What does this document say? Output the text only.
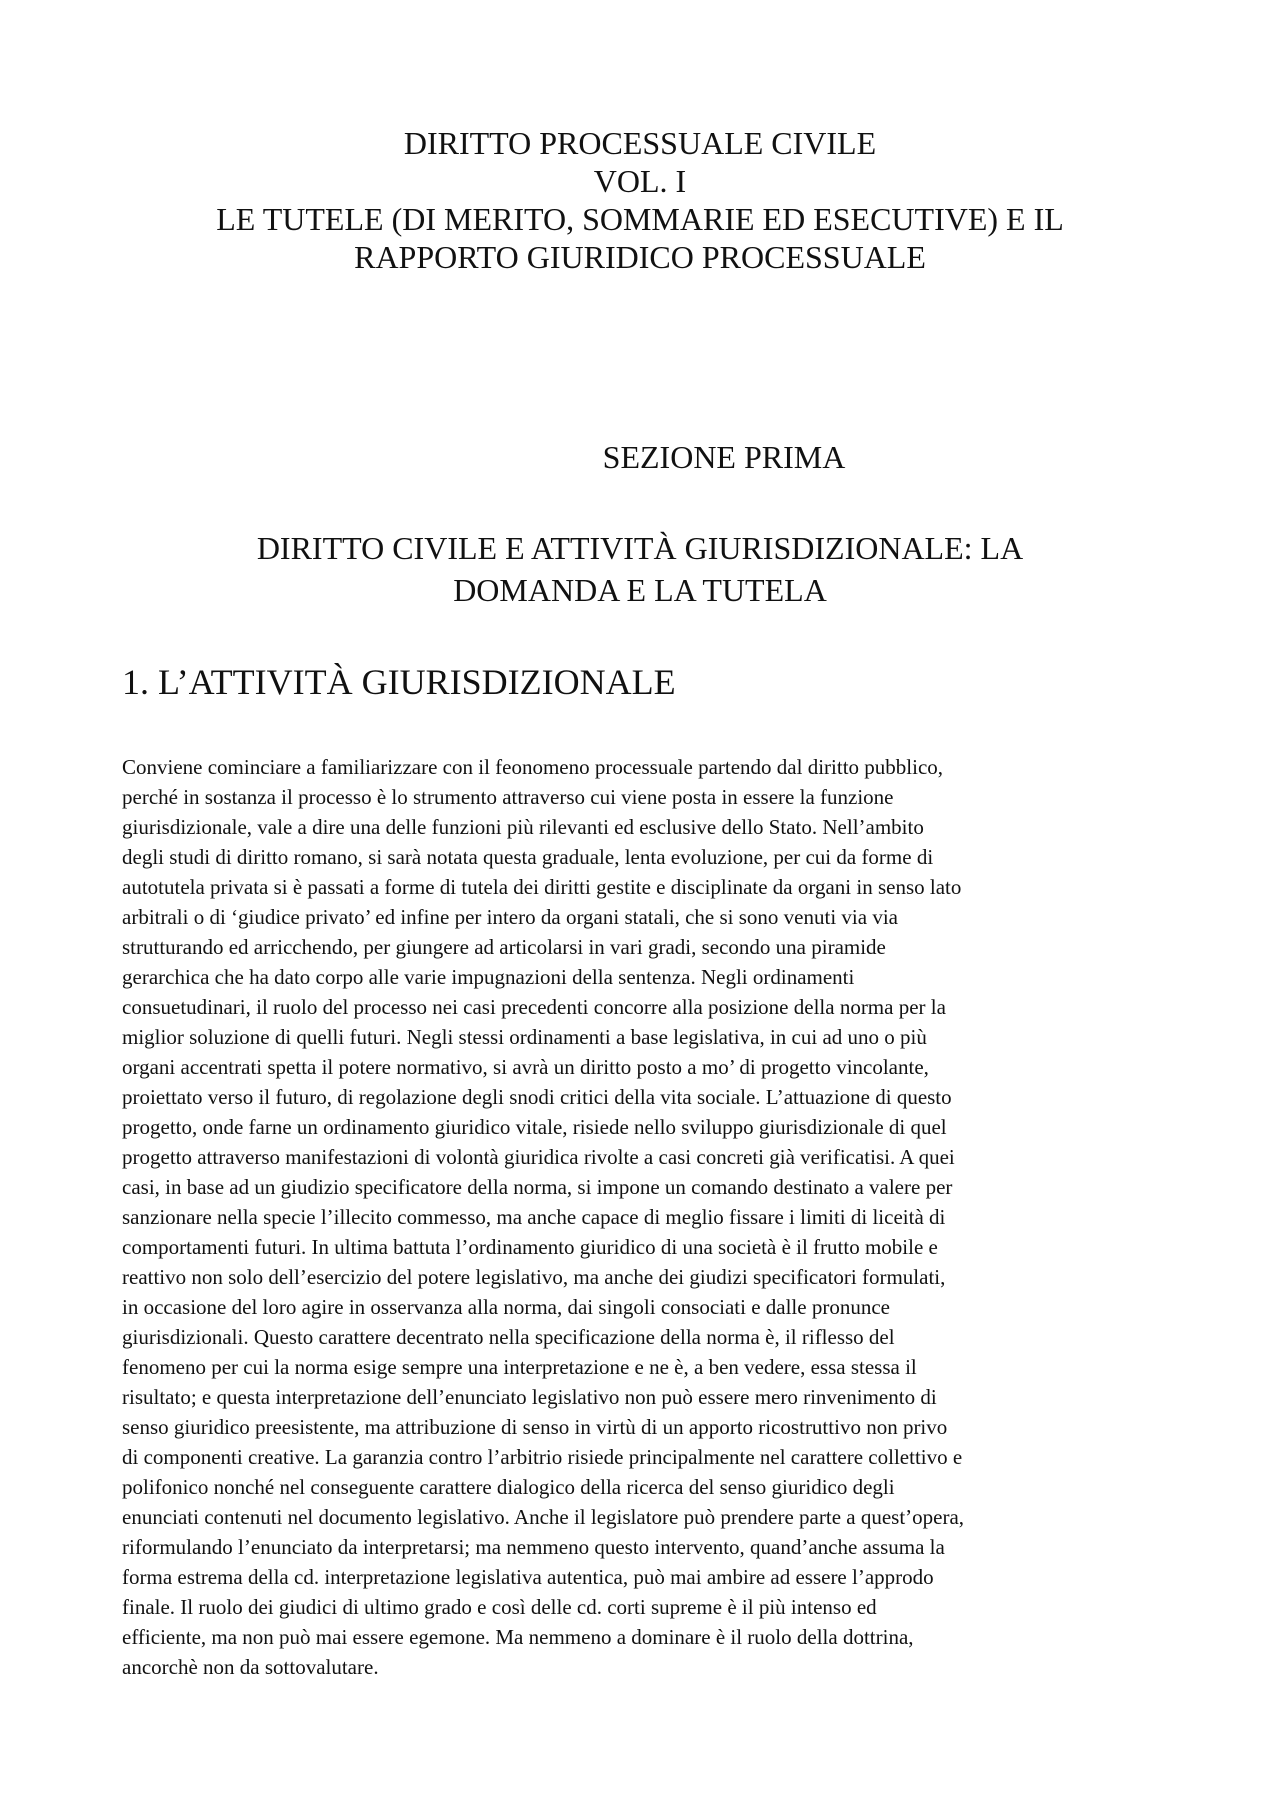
DIRITTO PROCESSUALE CIVILE
VOL. I
LE TUTELE (DI MERITO, SOMMARIE ED ESECUTIVE) E IL
RAPPORTO GIURIDICO PROCESSUALE
SEZIONE PRIMA
DIRITTO CIVILE E ATTIVITÀ GIURISDIZIONALE: LA
DOMANDA E LA TUTELA
1. L’ATTIVITÀ GIURISDIZIONALE
Conviene cominciare a familiarizzare con il feonomeno processuale partendo dal diritto pubblico,
perché in sostanza il processo è lo strumento attraverso cui viene posta in essere la funzione
giurisdizionale, vale a dire una delle funzioni più rilevanti ed esclusive dello Stato. Nell’ambito
degli studi di diritto romano, si sarà notata questa graduale, lenta evoluzione, per cui da forme di
autotutela privata si è passati a forme di tutela dei diritti gestite e disciplinate da organi in senso lato
arbitrali o di ‘giudice privato’ ed infine per intero da organi statali, che si sono venuti via via
strutturando ed arricchendo, per giungere ad articolarsi in vari gradi, secondo una piramide
gerarchica che ha dato corpo alle varie impugnazioni della sentenza. Negli ordinamenti
consuetudinari, il ruolo del processo nei casi precedenti concorre alla posizione della norma per la
miglior soluzione di quelli futuri. Negli stessi ordinamenti a base legislativa, in cui ad uno o più
organi accentrati spetta il potere normativo, si avrà un diritto posto a mo’ di progetto vincolante,
proiettato verso il futuro, di regolazione degli snodi critici della vita sociale. L’attuazione di questo
progetto, onde farne un ordinamento giuridico vitale, risiede nello sviluppo giurisdizionale di quel
progetto attraverso manifestazioni di volontà giuridica rivolte a casi concreti già verificatisi. A quei
casi, in base ad un giudizio specificatore della norma, si impone un comando destinato a valere per
sanzionare nella specie l’illecito commesso, ma anche capace di meglio fissare i limiti di liceità di
comportamenti futuri. In ultima battuta l’ordinamento giuridico di una società è il frutto mobile e
reattivo non solo dell’esercizio del potere legislativo, ma anche dei giudizi specificatori formulati,
in occasione del loro agire in osservanza alla norma, dai singoli consociati e dalle pronunce
giurisdizionali. Questo carattere decentrato nella specificazione della norma è, il riflesso del
fenomeno per cui la norma esige sempre una interpretazione e ne è, a ben vedere, essa stessa il
risultato; e questa interpretazione dell’enunciato legislativo non può essere mero rinvenimento di
senso giuridico preesistente, ma attribuzione di senso in virtù di un apporto ricostruttivo non privo
di componenti creative. La garanzia contro l’arbitrio risiede principalmente nel carattere collettivo e
polifonico nonché nel conseguente carattere dialogico della ricerca del senso giuridico degli
enunciati contenuti nel documento legislativo. Anche il legislatore può prendere parte a quest’opera,
riformulando l’enunciato da interpretarsi; ma nemmeno questo intervento, quand’anche assuma la
forma estrema della cd. interpretazione legislativa autentica, può mai ambire ad essere l’approdo
finale. Il ruolo dei giudici di ultimo grado e così delle cd. corti supreme è il più intenso ed
efficiente, ma non può mai essere egemone. Ma nemmeno a dominare è il ruolo della dottrina,
ancorchè non da sottovalutare.
